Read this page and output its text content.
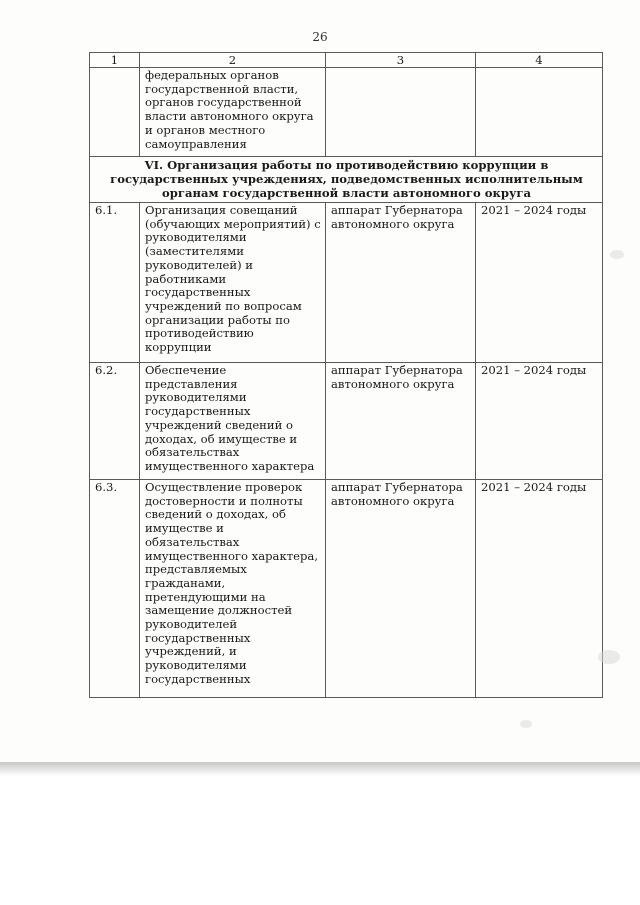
26
1	2	3	4
	федеральных органов государственной власти, органов государственной власти автономного округа и органов местного самоуправления		
VI. Организация работы по противодействию коррупции в государственных учреждениях, подведомственных исполнительным органам государственной власти автономного округа			
6.1.	Организация совещаний (обучающих мероприятий) с руководителями (заместителями руководителей) и работниками государственных учреждений по вопросам организации работы по противодействию коррупции	аппарат Губернатора автономного округа	2021 – 2024 годы
6.2.	Обеспечение представления руководителями государственных учреждений сведений о доходах, об имуществе и обязательствах имущественного характера	аппарат Губернатора автономного округа	2021 – 2024 годы
6.3.	Осуществление проверок достоверности и полноты сведений о доходах, об имуществе и обязательствах имущественного характера, представляемых гражданами, претендующими на замещение должностей руководителей государственных учреждений, и руководителями государственных	аппарат Губернатора автономного округа	2021 – 2024 годы
